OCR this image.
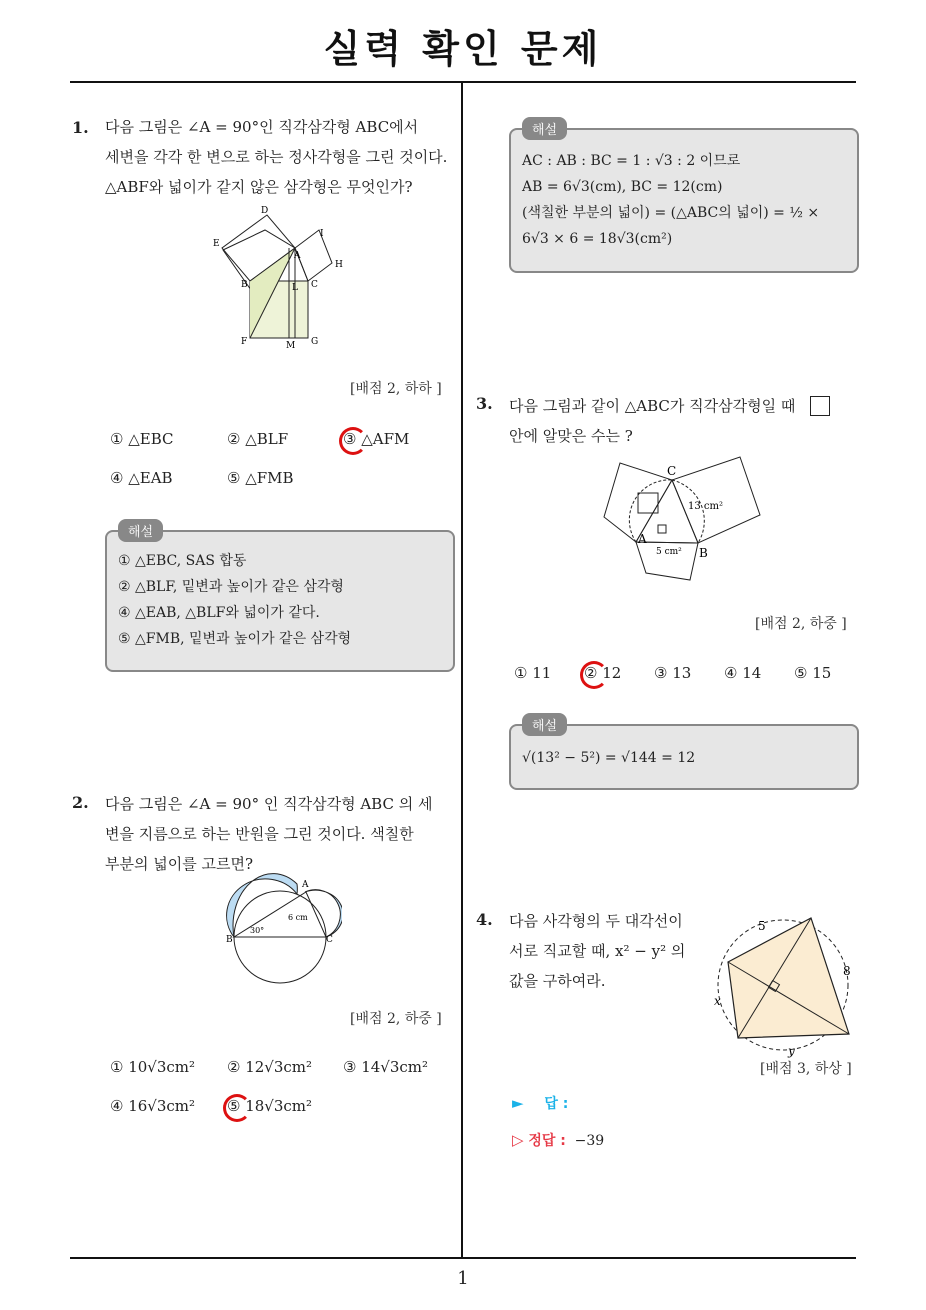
실력 확인 문제
1. 다음 그림은 ∠A = 90°인 직각삼각형 ABC에서
세변을 각각 한 변으로 하는 정사각형을 그린 것이다.
△ABF와 넓이가 같지 않은 삼각형은 무엇인가?
D
E
A
I
H
B	C
L
F	M G
[배점 2, 하하 ]
① △EBC	② △BLF	③ △AFM
④ △EAB	⑤ △FMB
해설
① △EBC, SAS 합동
② △BLF, 밑변과 높이가 같은 삼각형
④ △EAB, △BLF와 넓이가 같다.
⑤ △FMB, 밑변과 높이가 같은 삼각형
2. 다음 그림은 ∠A = 90° 인 직각삼각형 ABC 의 세
변을 지름으로 하는 반원을 그린 것이다. 색칠한
부분의 넓이를 고르면?
A
B	C
6 cm
30°
[배점 2, 하중 ]
① 10√3cm² ② 12√3cm² ③ 14√3cm²
④ 16√3cm² ⑤ 18√3cm²
해설
AC : AB : BC = 1 : √3 : 2 이므로
AB = 6√3(cm), BC = 12(cm)
(색칠한 부분의 넓이) = (△ABC의 넓이) = ½ ×
6√3 × 6 = 18√3(cm²)
3. 다음 그림과 같이 △ABC가 직각삼각형일 때
안에 알맞은 수는 ?
C
A
B
13 cm²
5 cm²
[배점 2, 하중 ]
① 11 ② 12 ③ 13 ④ 14 ⑤ 15
해설
√(13² − 5²) = √144 = 12
4. 다음 사각형의 두 대각선이
서로 직교할 때, x² − y² 의
값을 구하여라.
5
8
x
y
[배점 3, 하상 ]
► 답 :
▷ 정답 : −39
1
